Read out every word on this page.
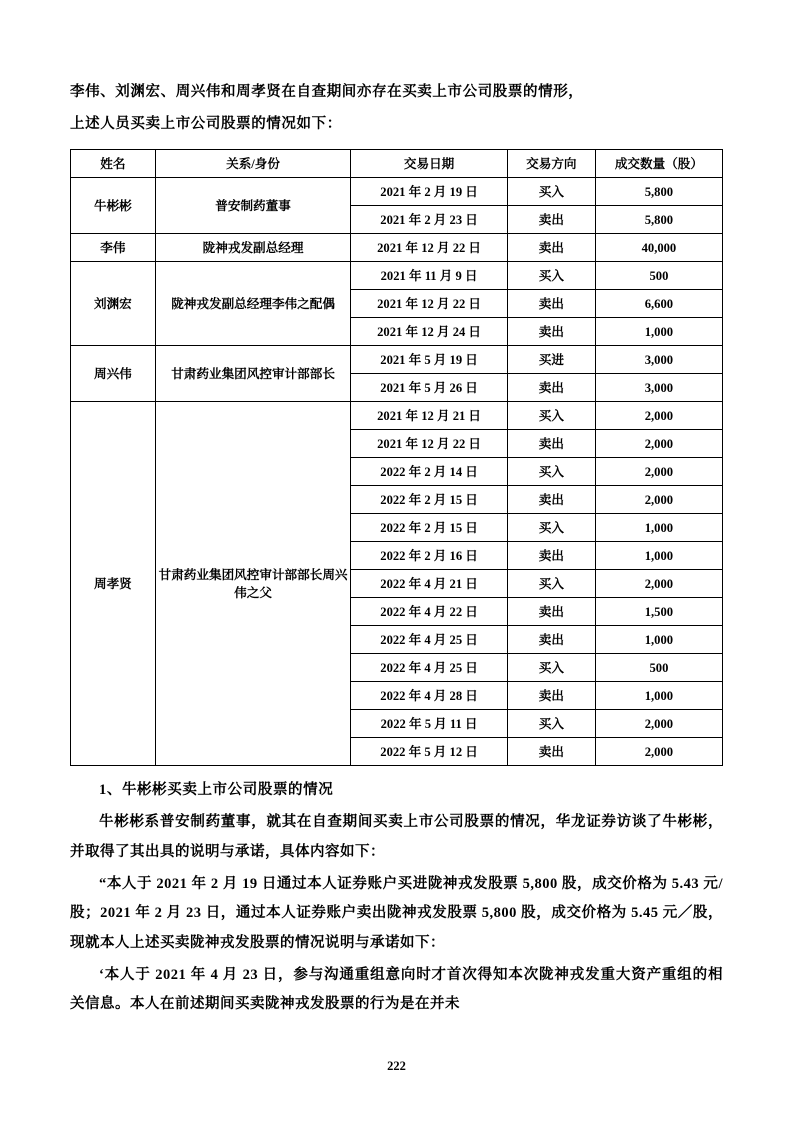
李伟、刘渊宏、周兴伟和周孝贤在自查期间亦存在买卖上市公司股票的情形，

上述人员买卖上市公司股票的情况如下：

姓名	关系/身份	交易日期	交易方向	成交数量（股）
牛彬彬	普安制药董事	2021 年 2 月 19 日	买入	5,800
		2021 年 2 月 23 日	卖出	5,800
李伟	陇神戎发副总经理	2021 年 12 月 22 日	卖出	40,000
刘渊宏	陇神戎发副总经理李伟之配偶	2021 年 11 月 9 日	买入	500
		2021 年 12 月 22 日	卖出	6,600
		2021 年 12 月 24 日	卖出	1,000
周兴伟	甘肃药业集团风控审计部部长	2021 年 5 月 19 日	买进	3,000
		2021 年 5 月 26 日	卖出	3,000
周孝贤	甘肃药业集团风控审计部部长周兴伟之父	2021 年 12 月 21 日	买入	2,000
		2021 年 12 月 22 日	卖出	2,000
		2022 年 2 月 14 日	买入	2,000
		2022 年 2 月 15 日	卖出	2,000
		2022 年 2 月 15 日	买入	1,000
		2022 年 2 月 16 日	卖出	1,000
		2022 年 4 月 21 日	买入	2,000
		2022 年 4 月 22 日	卖出	1,500
		2022 年 4 月 25 日	卖出	1,000
		2022 年 4 月 25 日	买入	500
		2022 年 4 月 28 日	卖出	1,000
		2022 年 5 月 11 日	买入	2,000
		2022 年 5 月 12 日	卖出	2,000

1、牛彬彬买卖上市公司股票的情况

牛彬彬系普安制药董事，就其在自查期间买卖上市公司股票的情况，华龙证券访谈了牛彬彬，并取得了其出具的说明与承诺，具体内容如下：

“本人于 2021 年 2 月 19 日通过本人证券账户买进陇神戎发股票 5,800 股，成交价格为 5.43 元/股；2021 年 2 月 23 日，通过本人证券账户卖出陇神戎发股票 5,800 股，成交价格为 5.45 元／股，现就本人上述买卖陇神戎发股票的情况说明与承诺如下：

‘本人于 2021 年 4 月 23 日，参与沟通重组意向时才首次得知本次陇神戎发重大资产重组的相关信息。本人在前述期间买卖陇神戎发股票的行为是在并未

222
